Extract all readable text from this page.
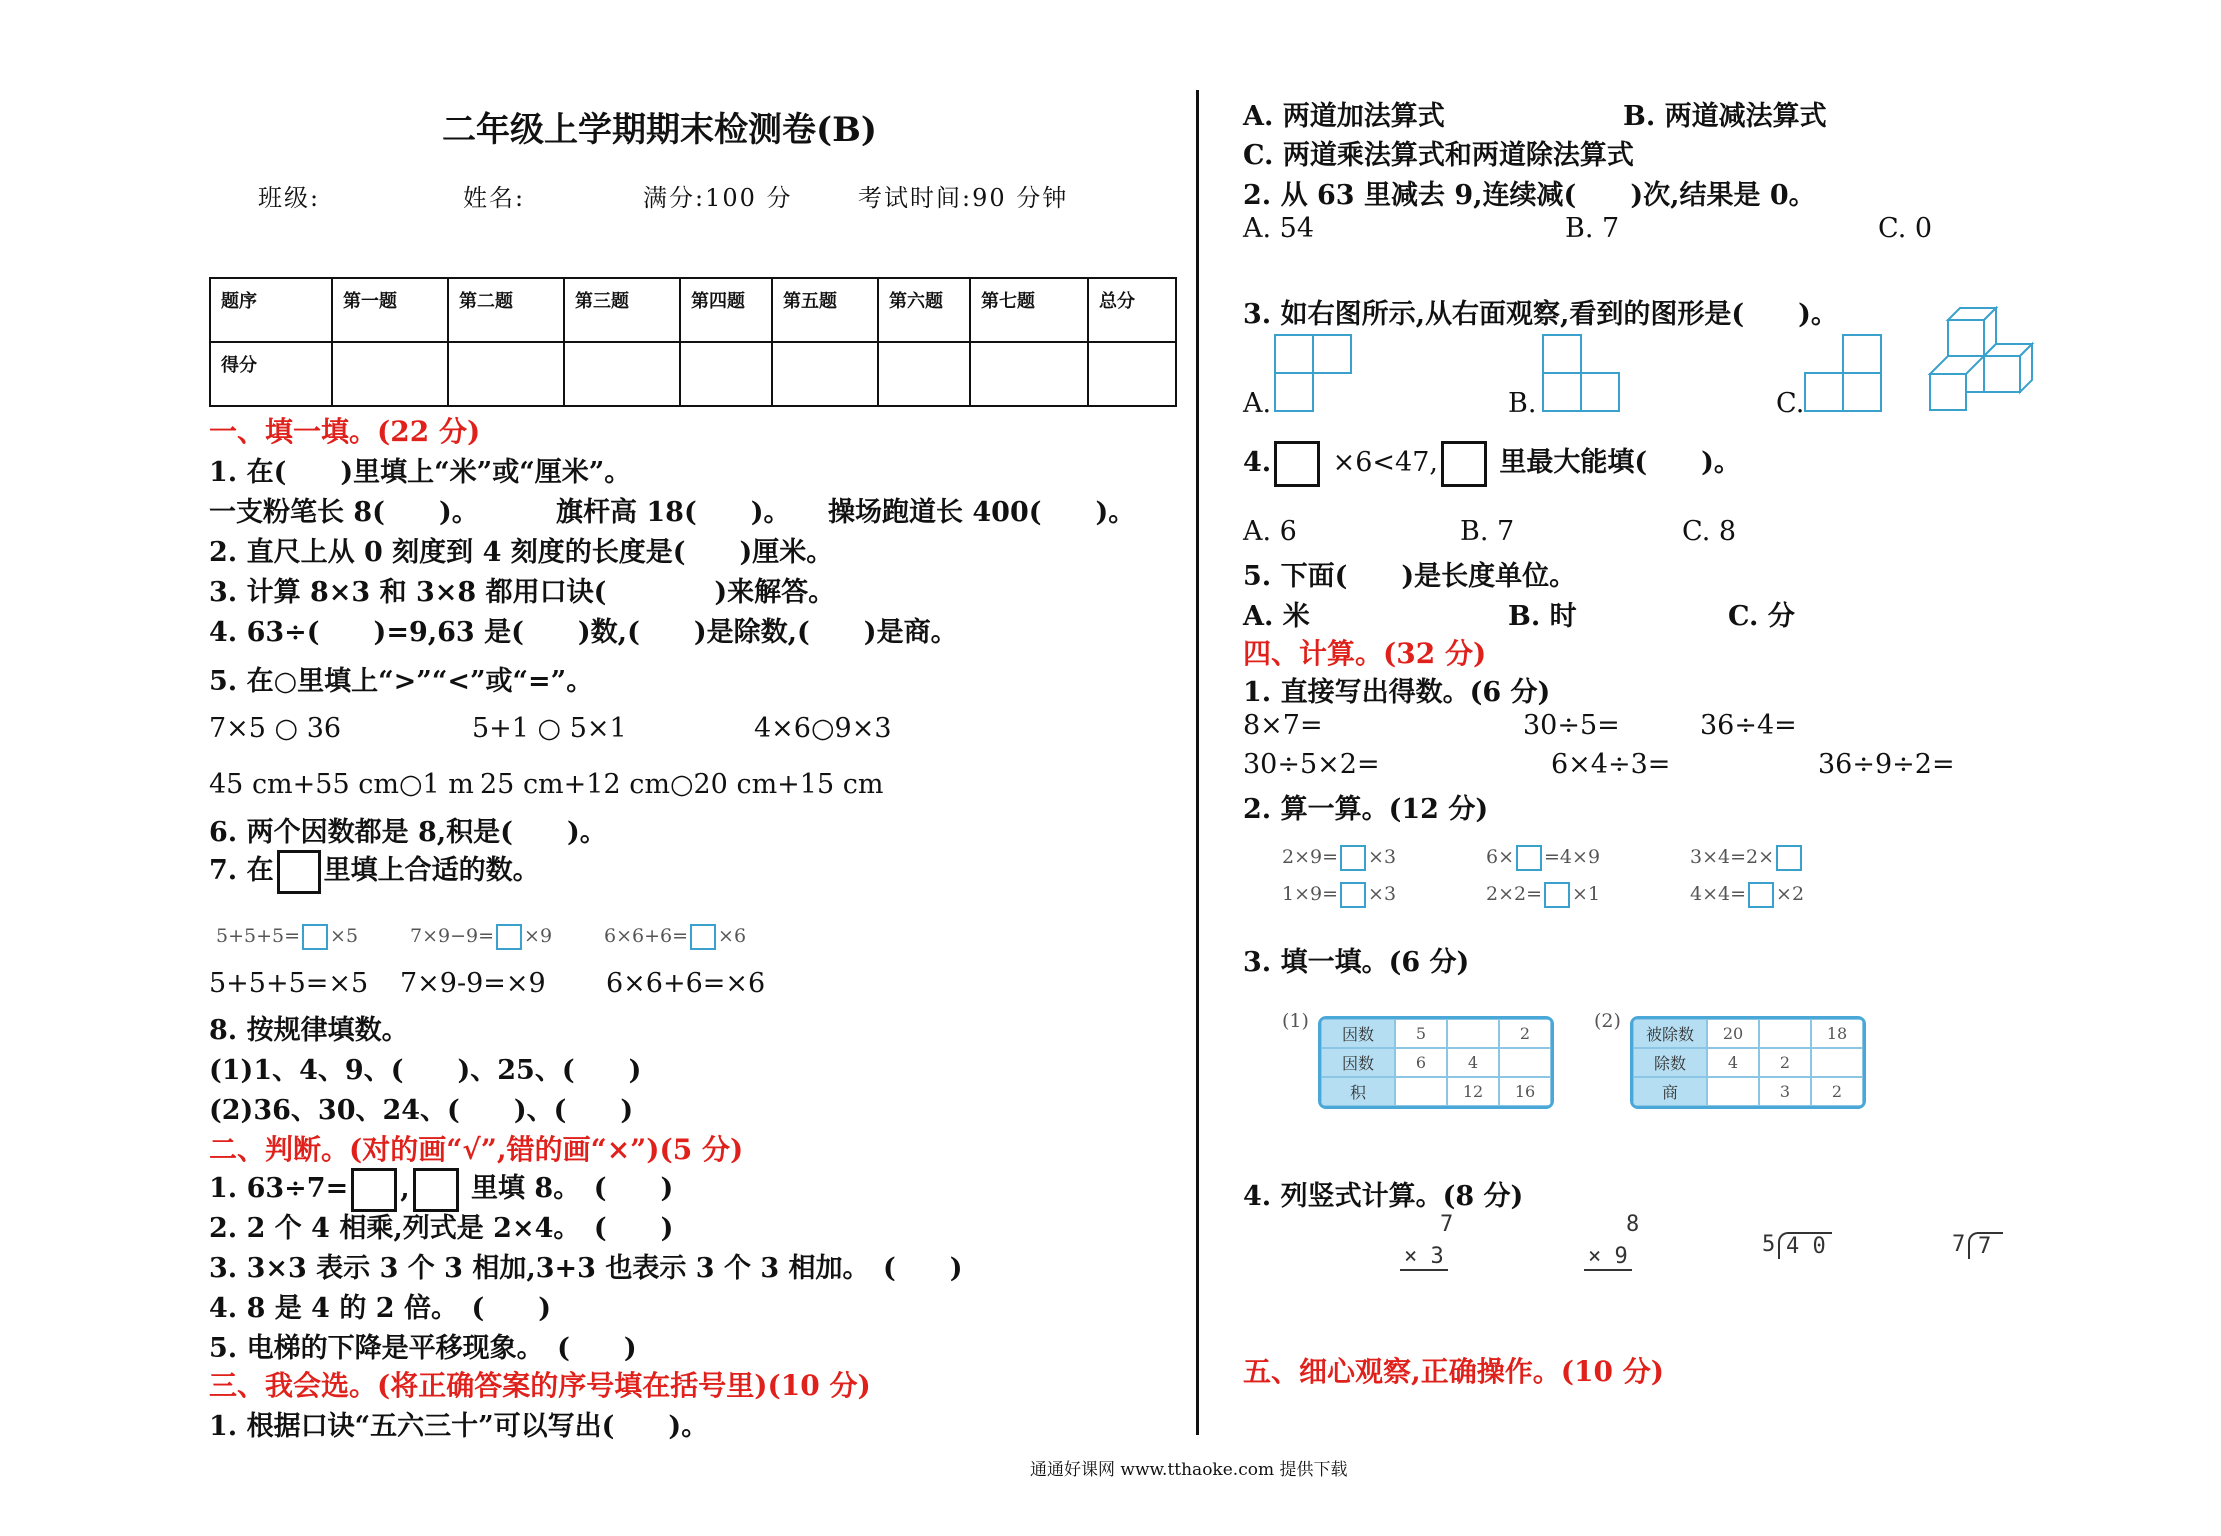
二年级上学期期末检测卷(B)
班级:	姓名:	满分:100 分	考试时间:90 分钟
题序	第一题	第二题	第三题	第四题	第五题	第六题	第七题	总分
得分								
一、填一填。(22 分)
1. 在(　　)里填上“米”或“厘米”。
一支粉笔长 8(　　)。	旗杆高 18(　　)。 操场跑道长 400(　　)。
2. 直尺上从 0 刻度到 4 刻度的长度是(　　)厘米。
3. 计算 8×3 和 3×8 都用口诀(　　　　)来解答。
4. 63÷(　　)=9,63 是(　　)数,(　　)是除数,(　　)是商。
5. 在○里填上“>”“<”或“=”。
7×5 ○ 36	5+1 ○ 5×1	4×6○9×3
45 cm+55 cm○1 m 25 cm+12 cm○20 cm+15 cm
6. 两个因数都是 8,积是(　　)。
7. 在 里填上合适的数。
5+5+5= ×5	7×9−9= ×9	6×6+6= ×6
5+5+5=×5 7×9-9=×9 6×6+6=×6
8. 按规律填数。
(1)1、4、9、(　　)、25、(　　)
(2)36、30、24、(　　)、(　　)
二、判断。(对的画“√”,错的画“×”)(5 分)
1. 63÷7= , 里填 8。　(　　)
2. 2 个 4 相乘,列式是 2×4。　(　　)
3. 3×3 表示 3 个 3 相加,3+3 也表示 3 个 3 相加。　(　　)
4. 8 是 4 的 2 倍。　(　　)
5. 电梯的下降是平移现象。　(　　)
三、我会选。(将正确答案的序号填在括号里)(10 分)
1. 根据口诀“五六三十”可以写出(　　)。
A. 两道加法算式	B. 两道减法算式
C. 两道乘法算式和两道除法算式
2. 从 63 里减去 9,连续减(　　)次,结果是 0。
A. 54	B. 7	C. 0
3. 如右图所示,从右面观察,看到的图形是(　　)。
A.	B.	C.
4. ×6<47, 里最大能填(　　)。
A. 6	B. 7	C. 8
5. 下面(　　)是长度单位。
A. 米	B. 时	C. 分
四、计算。(32 分)
1. 直接写出得数。(6 分)
8×7=	30÷5=	36÷4=
30÷5×2=	6×4÷3=	36÷9÷2=
2. 算一算。(12 分)
2×9= ×3	6× =4×9	3×4=2×
1×9= ×3	2×2= ×1	4×4= ×2
3. 填一填。(6 分)
(1)
因数	5		2
因数	6	4	
积		12	16
(2)
被除数	20		18
除数	4	2	
商		3	2
4. 列竖式计算。(8 分)
7
× 3
8
× 9	5 4 0	7 7
五、细心观察,正确操作。(10 分)
通通好课网 www.tthaoke.com 提供下载
